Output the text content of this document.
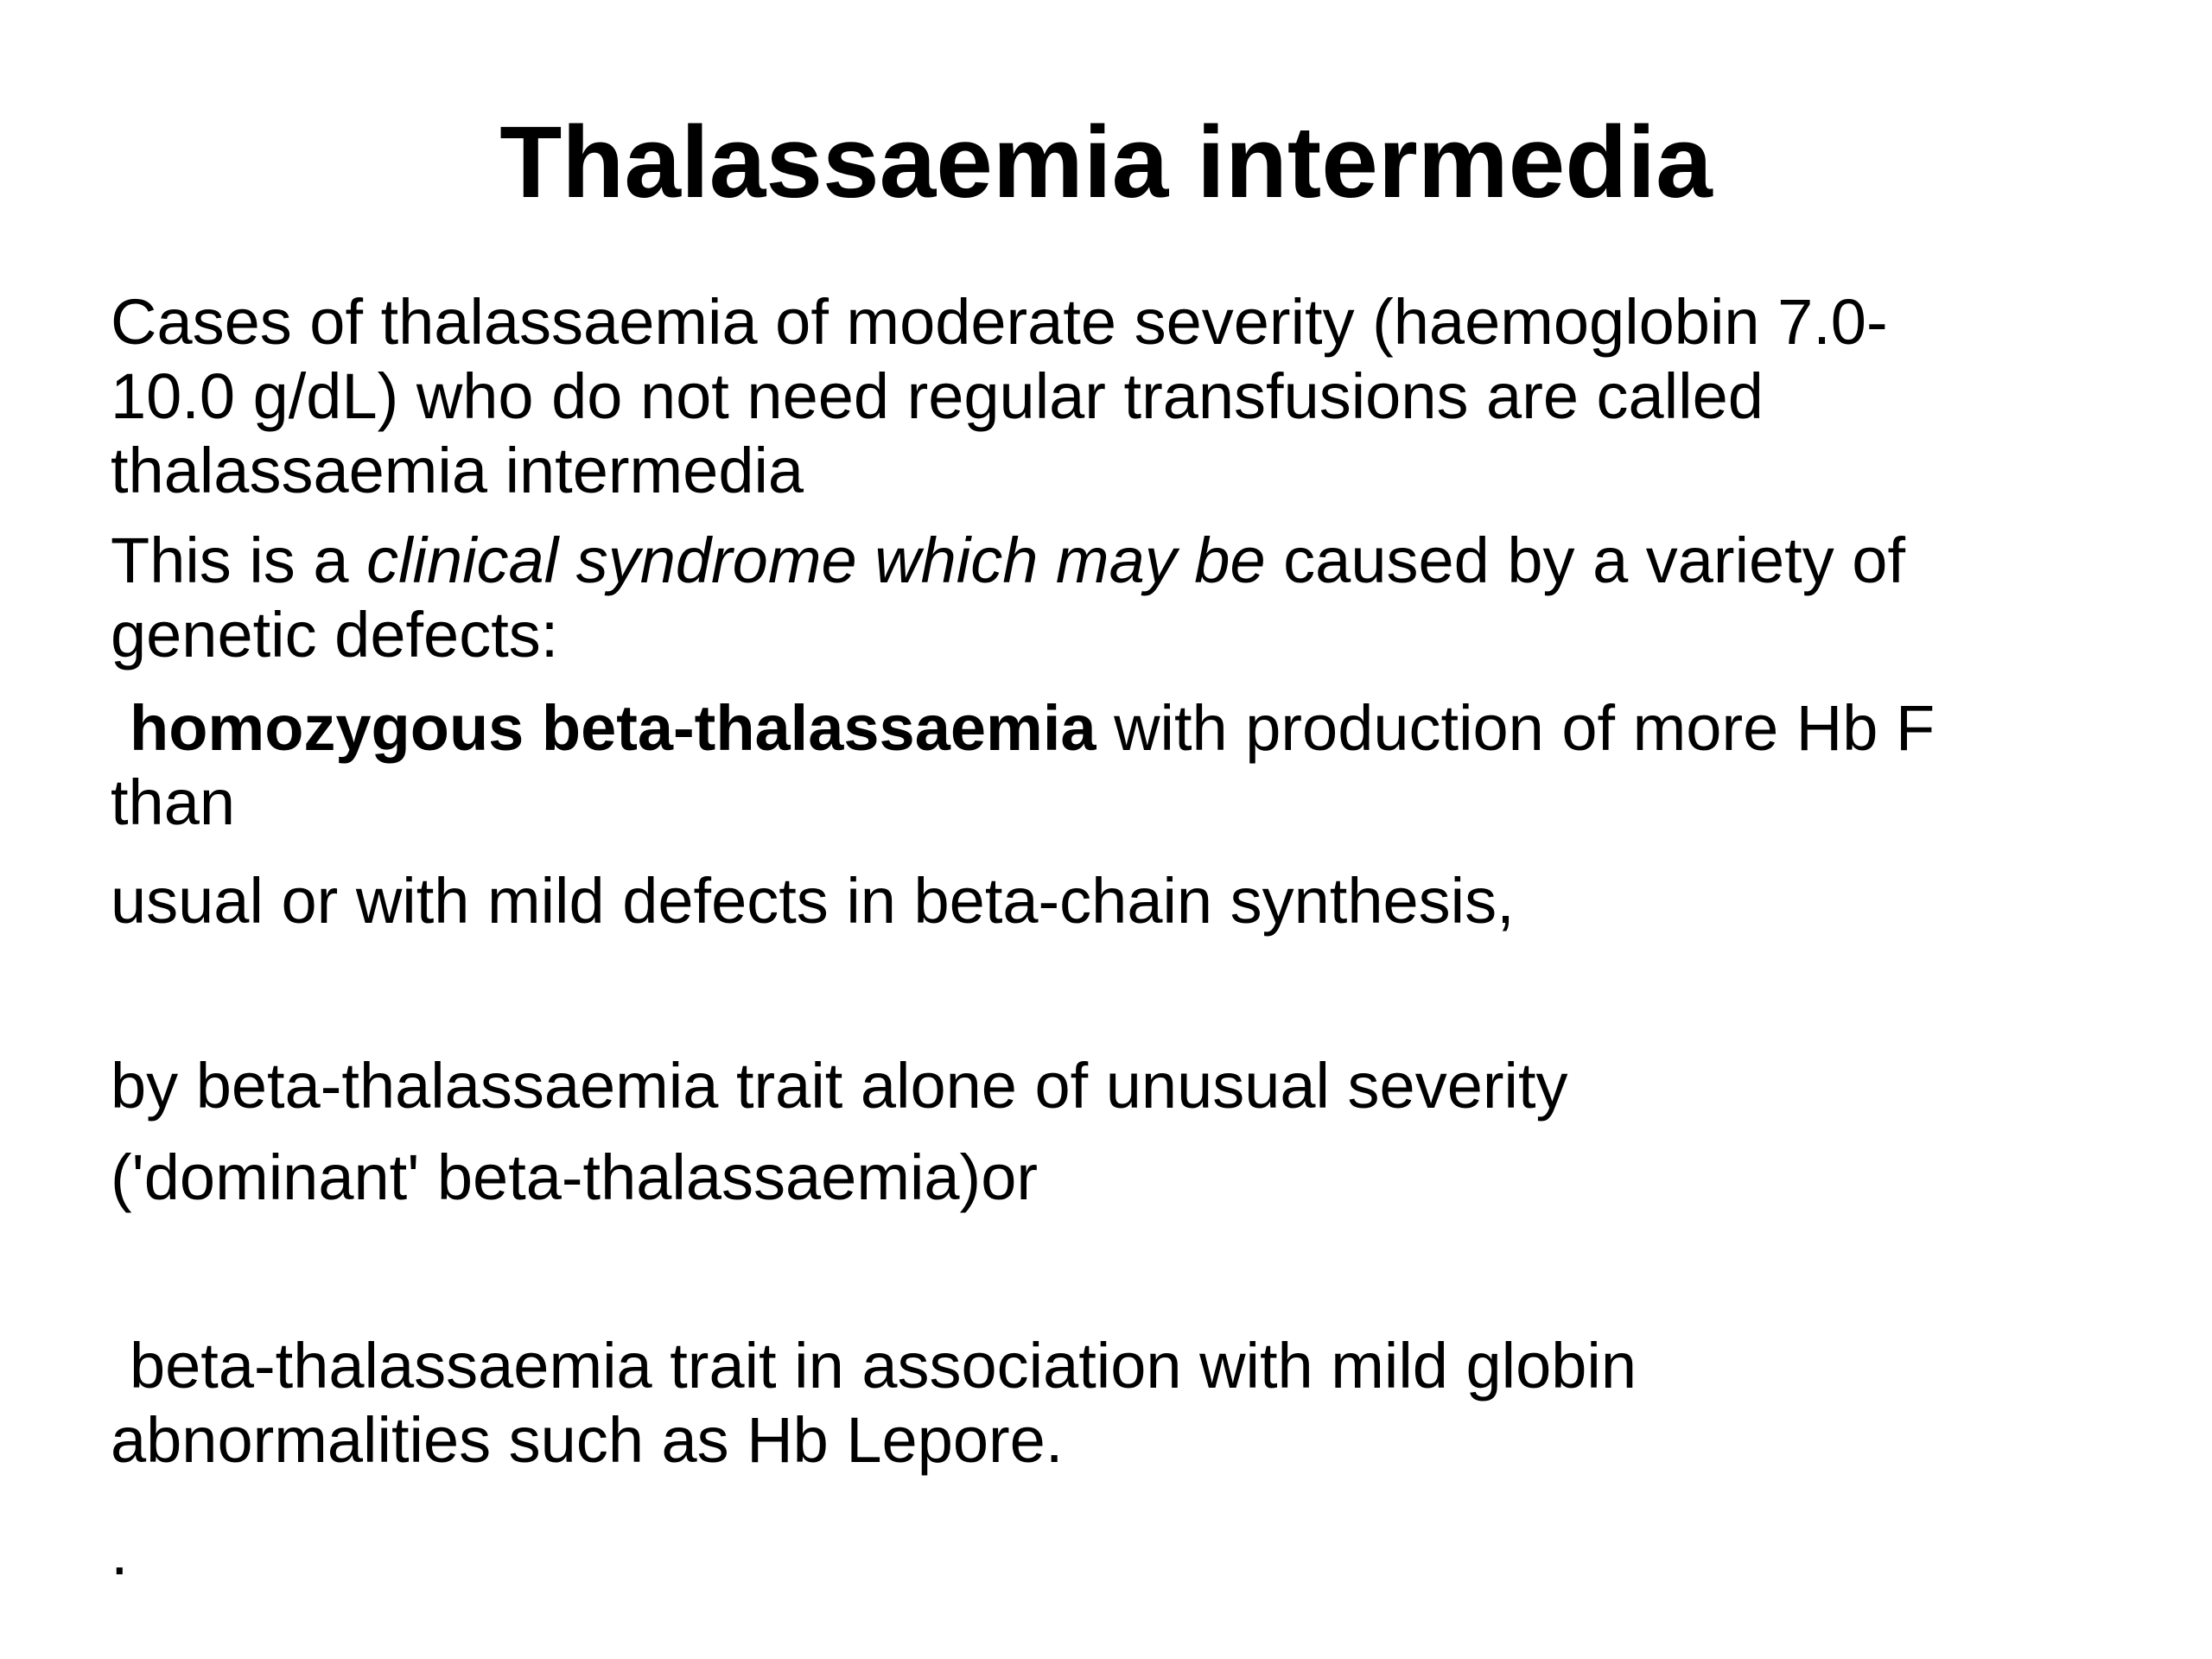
Thalassaemia intermedia
Cases of thalassaemia of moderate severity (haemoglobin 7.0-
10.0 g/dL) who do not need regular transfusions are called
thalassaemia intermedia
This is a clinical syndrome which may be caused by a variety of
genetic defects:
homozygous beta-thalassaemia with production of more Hb F
than
usual or with mild defects in beta-chain synthesis,
by beta-thalassaemia trait alone of unusual severity
('dominant' beta-thalassaemia)or
beta-thalassaemia trait in association with mild globin
abnormalities such as Hb Lepore.
.
